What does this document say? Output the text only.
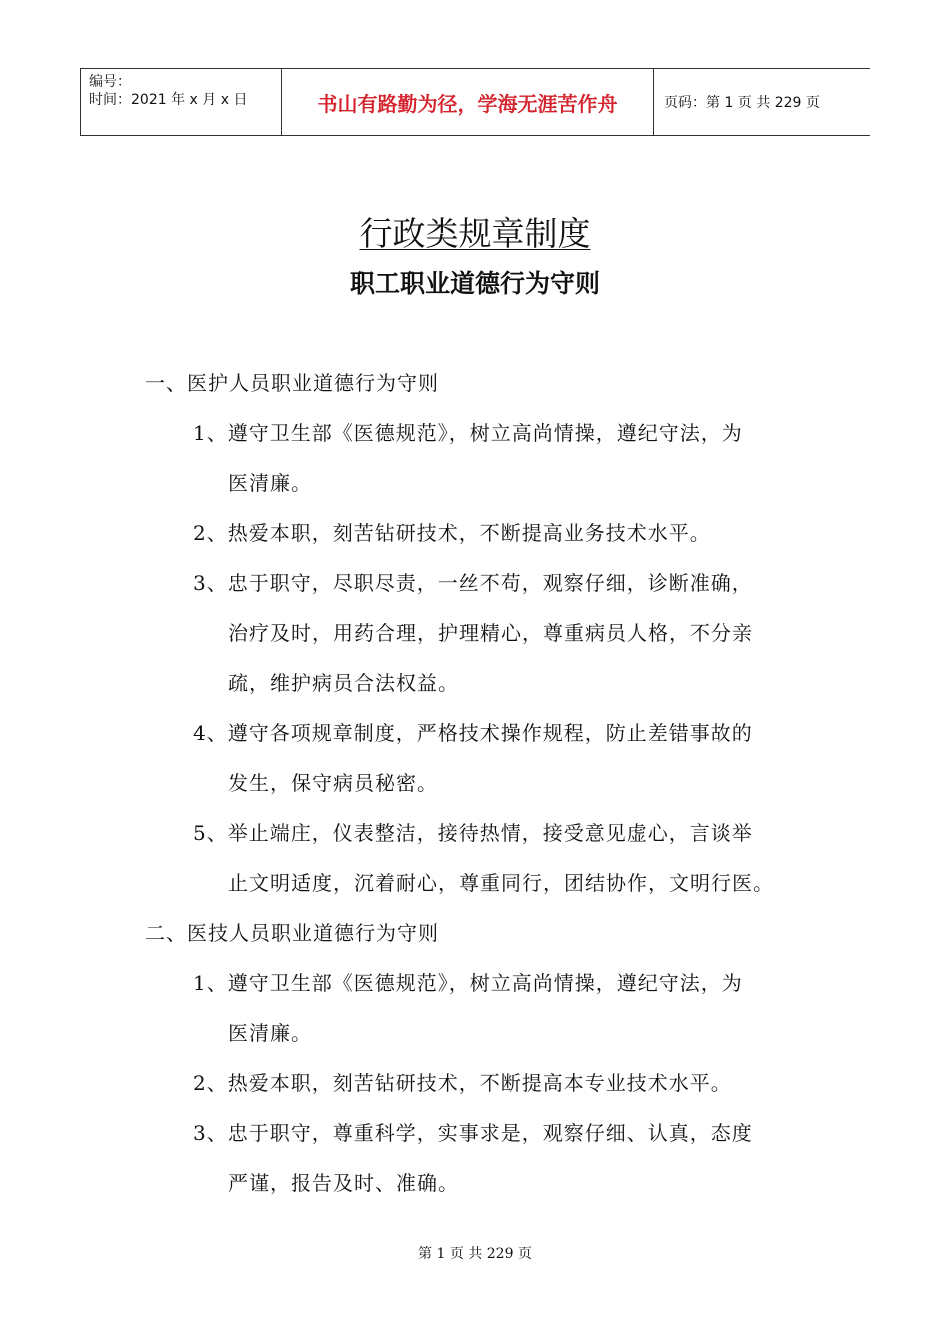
编号：
时间：2021 年 x 月 x 日	书山有路勤为径，学海无涯苦作舟	页码：第 1 页 共 229 页
行政类规章制度
职工职业道德行为守则
一、医护人员职业道德行为守则
1、遵守卫生部《医德规范》，树立高尚情操，遵纪守法，为
医清廉。
2、热爱本职，刻苦钻研技术，不断提高业务技术水平。
3、忠于职守，尽职尽责，一丝不苟，观察仔细，诊断准确，
治疗及时，用药合理，护理精心，尊重病员人格，不分亲
疏，维护病员合法权益。
4、遵守各项规章制度，严格技术操作规程，防止差错事故的
发生，保守病员秘密。
5、举止端庄，仪表整洁，接待热情，接受意见虚心，言谈举
止文明适度，沉着耐心，尊重同行，团结协作，文明行医。
二、医技人员职业道德行为守则
1、遵守卫生部《医德规范》，树立高尚情操，遵纪守法，为
医清廉。
2、热爱本职，刻苦钻研技术，不断提高本专业技术水平。
3、忠于职守，尊重科学，实事求是，观察仔细、认真，态度
严谨，报告及时、准确。
第 1 页 共 229 页
